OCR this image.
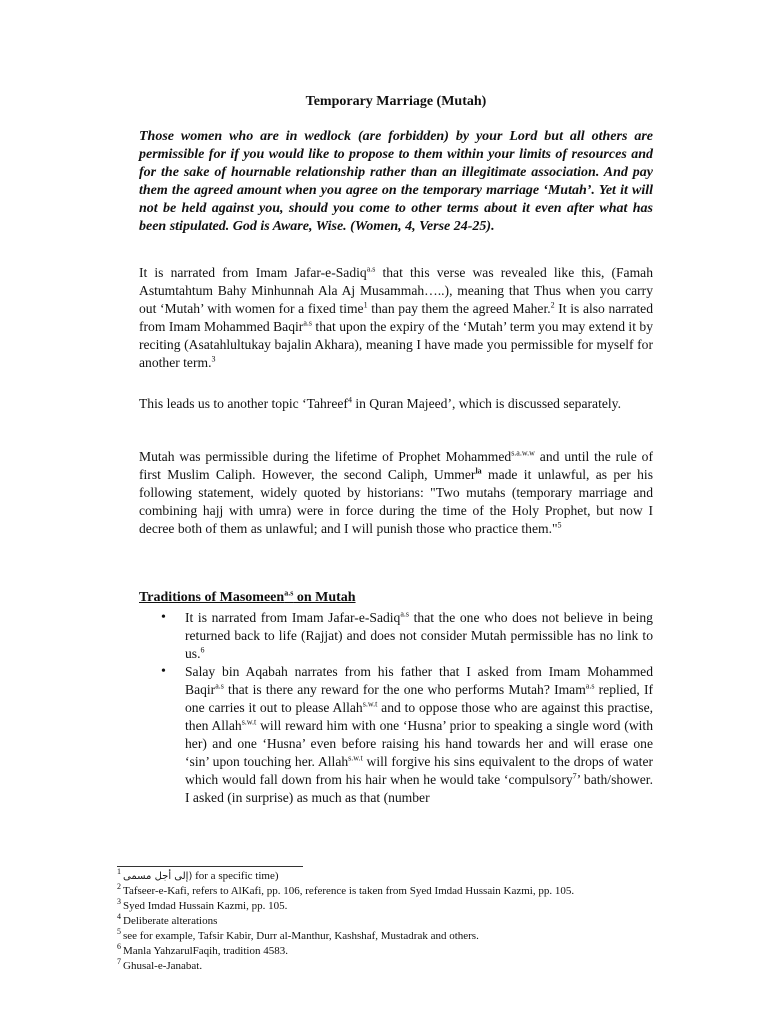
Temporary Marriage (Mutah)

Those women who are in wedlock (are forbidden) by your Lord but all others are permissible for if you would like to propose to them within your limits of resources and for the sake of hournable relationship rather than an illegitimate association. And pay them the agreed amount when you agree on the temporary marriage ‘Mutah’. Yet it will not be held against you, should you come to other terms about it even after what has been stipulated. God is Aware, Wise. (Women, 4, Verse 24-25).

It is narrated from Imam Jafar-e-Sadiq$^{a.s}$ that this verse was revealed like this, (Famah Astumtahtum Bahy Minhunnah Ala Aj Musammah…..), meaning that Thus when you carry out ‘Mutah’ with women for a fixed time$^1$ than pay them the agreed Maher.$^2$ It is also narrated from Imam Mohammed Baqir$^{a.s}$ that upon the expiry of the ‘Mutah’ term you may extend it by reciting (Asatahlultukay bajalin Akhara), meaning I have made you permissible for myself for another term.$^3$

This leads us to another topic ‘Tahreef$^4$ in Quran Majeed’, which is discussed separately.

Mutah was permissible during the lifetime of Prophet Mohammed$^{s.a.w.w}$ and until the rule of first Muslim Caliph. However, the second Caliph, Ummer$^{la}$ made it unlawful, as per his following statement, widely quoted by historians: "Two mutahs (temporary marriage and combining hajj with umra) were in force during the time of the Holy Prophet, but now I decree both of them as unlawful; and I will punish those who practice them."$^5$

Traditions of Masomeen$^{a.s}$ on Mutah
• It is narrated from Imam Jafar-e-Sadiq$^{a.s}$ that the one who does not believe in being returned back to life (Rajjat) and does not consider Mutah permissible has no link to us.$^6$
• Salay bin Aqabah narrates from his father that I asked from Imam Mohammed Baqir$^{a.s}$ that is there any reward for the one who performs Mutah? Imam$^{a.s}$ replied, If one carries it out to please Allah$^{s.w.t}$ and to oppose those who are against this practise, then Allah$^{s.w.t}$ will reward him with one ‘Husna’ prior to speaking a single word (with her) and one ‘Husna’ even before raising his hand towards her and will erase one ‘sin’ upon touching her. Allah$^{s.w.t}$ will forgive his sins equivalent to the drops of water which would fall down from his hair when he would take ‘compulsory$^7$’ bath/shower. I asked (in surprise) as much as that (number

$^1$ (إلى أجل مسمى for a specific time)

$^2$ Tafseer-e-Kafi, refers to AlKafi, pp. 106, reference is taken from Syed Imdad Hussain Kazmi, pp. 105.

$^3$ Syed Imdad Hussain Kazmi, pp. 105.

$^4$ Deliberate alterations

$^5$ see for example, Tafsir Kabir, Durr al-Manthur, Kashshaf, Mustadrak and others.

$^6$ Manla YahzarulFaqih, tradition 4583.

$^7$ Ghusal-e-Janabat.
